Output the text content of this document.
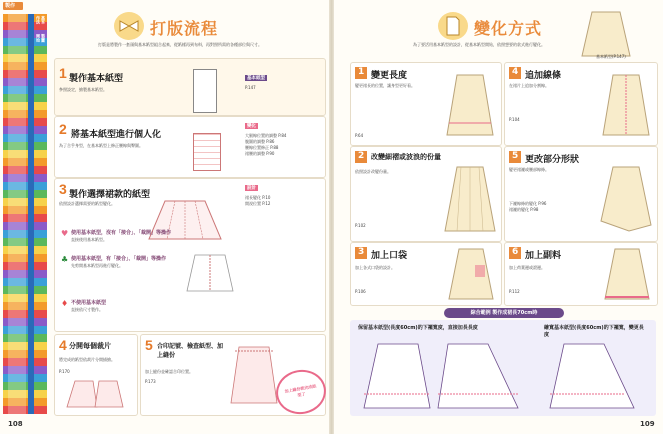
製作
作法
開始
基本
製圖	打版流程
打版是將製作一套頭與基本紙型組合起來，從紙樣再到布料，再對照所需的各種部位與尺寸。
1 製作基本紙型
參照設定，繪製基本紙型。
基本紙型
P.147
2 將基本紙型進行個人化
為了合乎身型，在基本紙型上修正腰線與臀圍。
變化
大腿線位置的調整 P.84
腹圍的調整 P.86
腰線位置修正 P.88
裙腰的調整 P.90
3 製作選擇裙款的紙型
依照設計選擇需要的紙型變化。
設計
裙長變化 P.10
開衩位置 P.12
♥ 使用基本紙型，沒有「接合」、「裁開」等操作
直接使用基本紙型。
♣ 使用基本紙型，有「接合」、「裁開」等操作
先剪開基本紙型再進行變化。
♦ 不使用基本紙型
直接依尺寸製作。
4 分開每個裁片
將完成的紙型依裁片分開描繪。
P.170
5 合印記號、檢查紙型、加上縫份
加上縫份並確認合印位置。
P.173
加上縫份就完成紙型了
108
變化方式
為了要活用基本紙型的設計，從基本紙型開始，依照想要的款式進行變化。
基本紙型(P.147)
1 變更長度
變更裙長的位置，讓身型更好看。
P.64
4 追加線條
在裙片上追加分割線。
P.104
2 改變細褶或波浪的份量
依照設計改變份量。
P.102
5 更改部分形狀
變更裙襬或腰部線條。
下襬線條的變化 P.96
裙襬的變化 P.98
3 加上口袋
加上各式口袋的設計。
P.106
6 加上副料
加上荷葉邊或滾邊。
P.112
綜合範例 製作成裙長70cm時
保留基本紙型(長度60cm)的下襬寬度，直接加長長度	繪寬基本紙型(長度60cm)的下襬寬，變更長度
109
